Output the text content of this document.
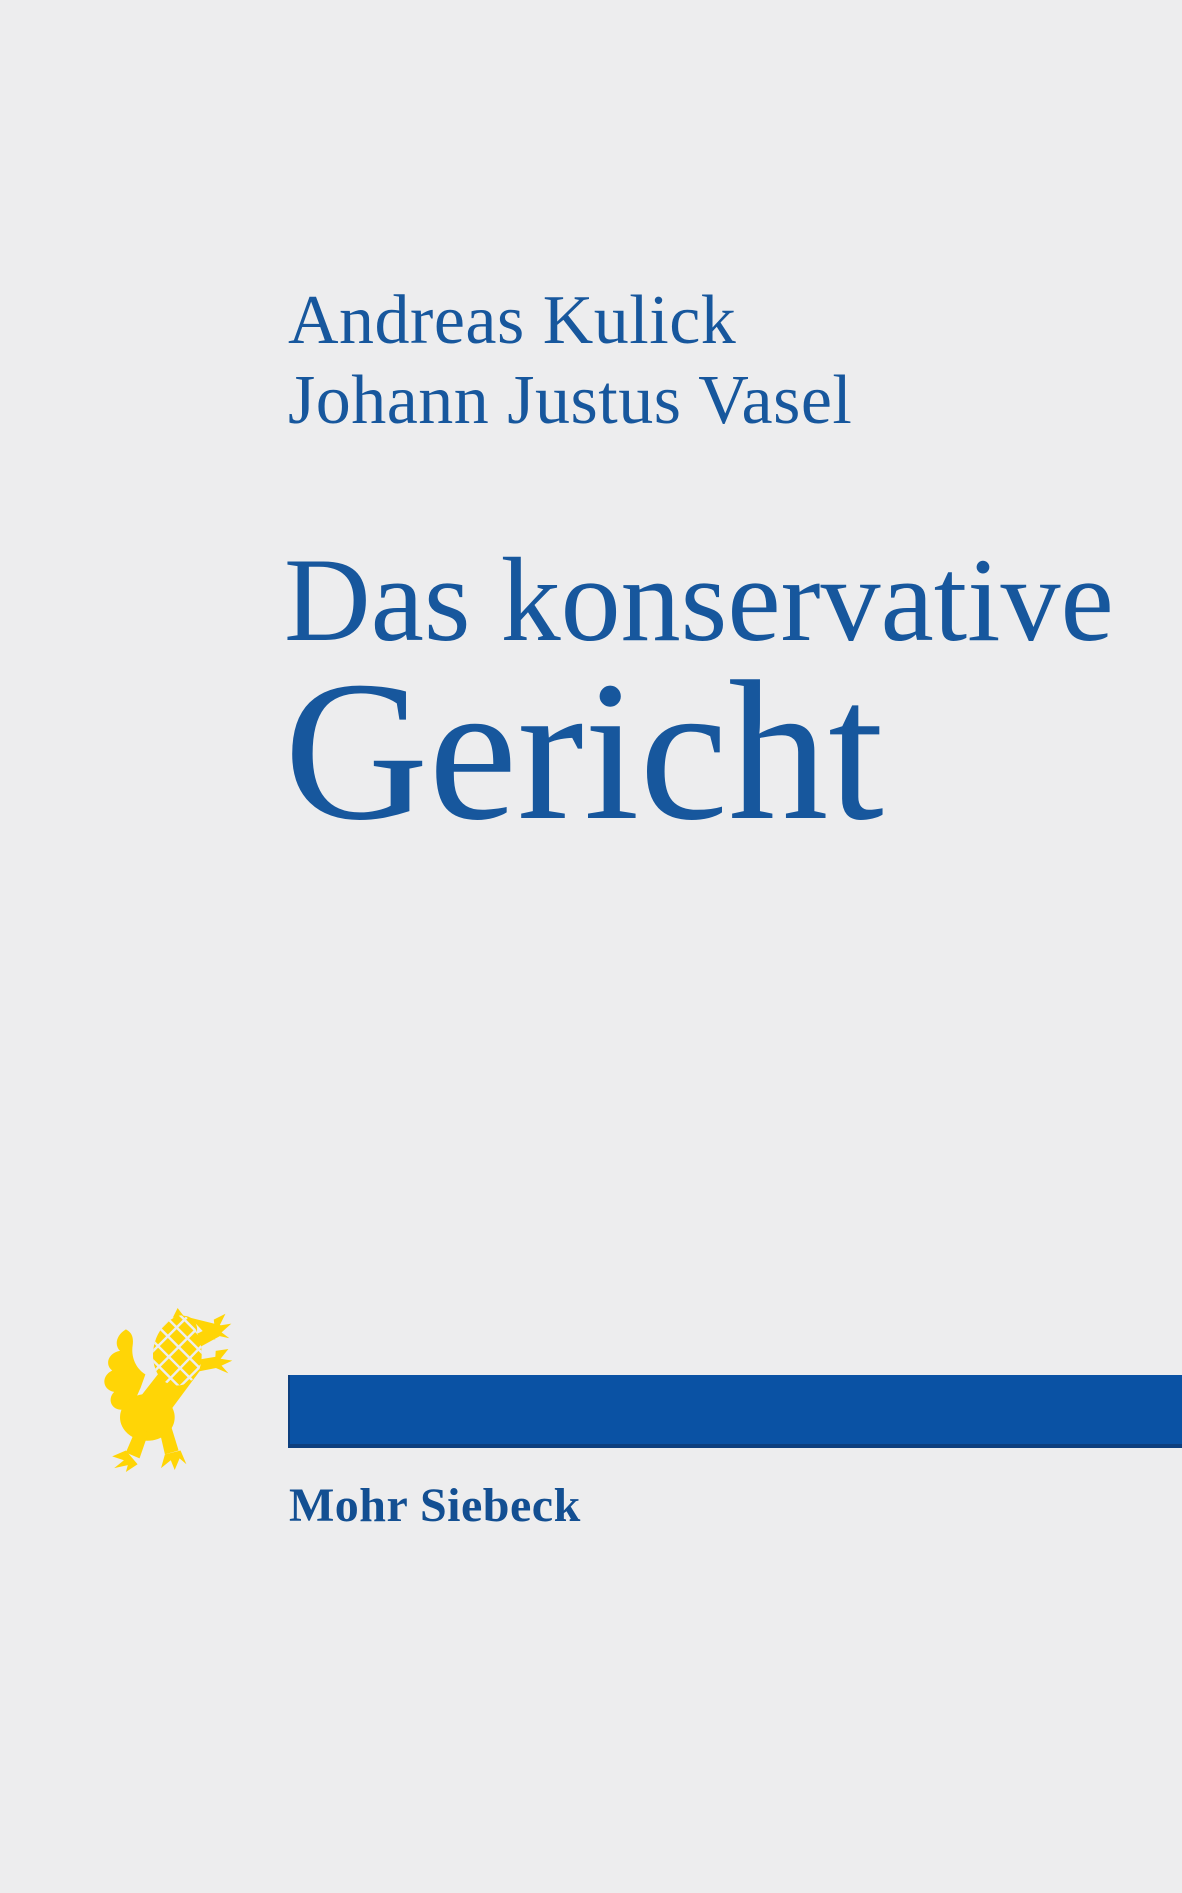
Andreas Kulick
Johann Justus Vasel
Das konservative
Gericht
Mohr Siebeck
